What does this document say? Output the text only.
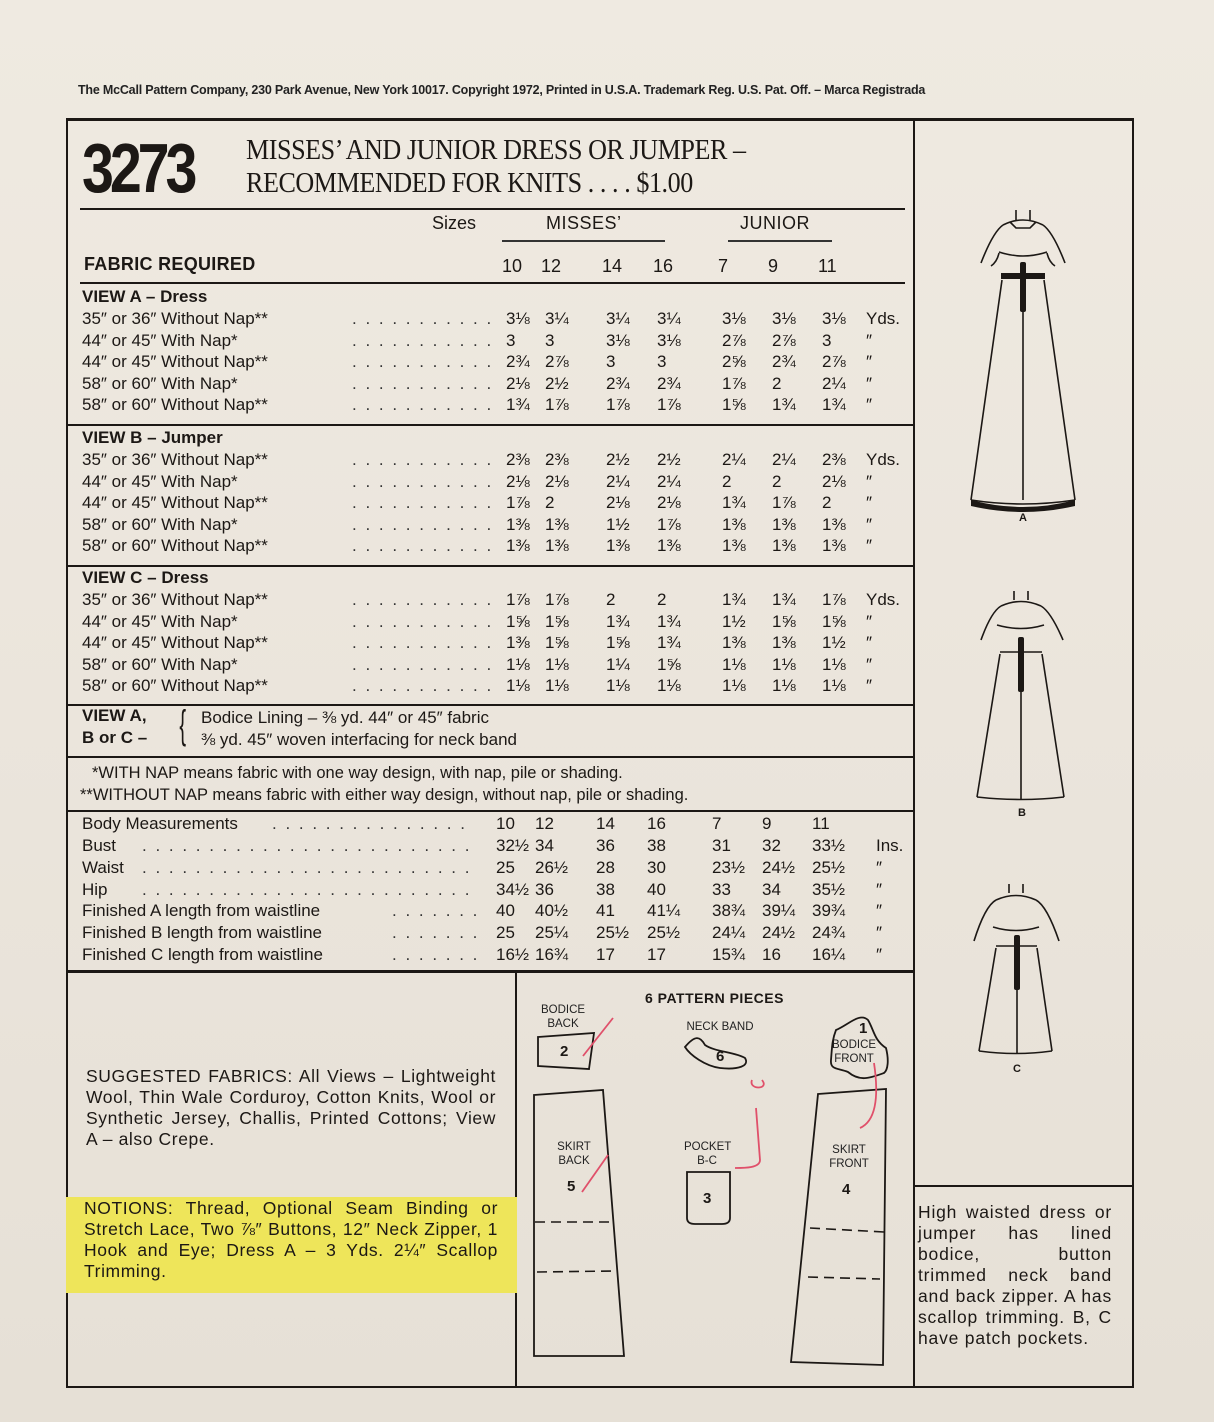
The McCall Pattern Company, 230 Park Avenue, New York 10017. Copyright 1972, Printed in U.S.A. Trademark Reg. U.S. Pat. Off. – Marca Registrada
3273 MISSES’ AND JUNIOR DRESS OR JUMPER –
RECOMMENDED FOR KNITS . . . . $1.00
Sizes	MISSES’	JUNIOR
FABRIC REQUIRED	10 12 14 16 7 9 11
VIEW A – Dress
35″ or 36″ Without Nap**	. . . . . . . . . . . 3⅛ 3¼ 3¼ 3¼ 3⅛ 3⅛ 3⅛ Yds.
44″ or 45″ With Nap*	. . . . . . . . . . . 3 3	3⅛ 3⅛ 2⅞ 2⅞ 3 ″
44″ or 45″ Without Nap**	. . . . . . . . . . . 2¾ 2⅞ 3 3	2⅝ 2¾ 2⅞ ″
58″ or 60″ With Nap*	. . . . . . . . . . . 2⅛ 2½ 2¾ 2¾ 1⅞ 2 2¼ ″
58″ or 60″ Without Nap**	. . . . . . . . . . . 1¾ 1⅞ 1⅞ 1⅞ 1⅝ 1¾ 1¾ ″
VIEW B – Jumper
35″ or 36″ Without Nap**	. . . . . . . . . . . 2⅜ 2⅜ 2½ 2½ 2¼ 2¼ 2⅜ Yds.
44″ or 45″ With Nap*	. . . . . . . . . . . 2⅛ 2⅛ 2¼ 2¼ 2 2 2⅛ ″
44″ or 45″ Without Nap**	. . . . . . . . . . . 1⅞ 2	2⅛ 2⅛ 1¾ 1⅞ 2 ″
58″ or 60″ With Nap*	. . . . . . . . . . . 1⅜ 1⅜ 1½ 1⅞ 1⅜ 1⅜ 1⅜ ″
58″ or 60″ Without Nap**	. . . . . . . . . . . 1⅜ 1⅜ 1⅜ 1⅜ 1⅜ 1⅜ 1⅜ ″
VIEW C – Dress
35″ or 36″ Without Nap**	. . . . . . . . . . . 1⅞ 1⅞ 2 2	1¾ 1¾ 1⅞ Yds.
44″ or 45″ With Nap*	. . . . . . . . . . . 1⅝ 1⅝ 1¾ 1¾ 1½ 1⅝ 1⅝ ″
44″ or 45″ Without Nap**	. . . . . . . . . . . 1⅜ 1⅝ 1⅝ 1¾ 1⅜ 1⅜ 1½ ″
58″ or 60″ With Nap*	. . . . . . . . . . . 1⅛ 1⅛ 1¼ 1⅝ 1⅛ 1⅛ 1⅛ ″
58″ or 60″ Without Nap**	. . . . . . . . . . . 1⅛ 1⅛ 1⅛ 1⅛ 1⅛ 1⅛ 1⅛ ″
VIEW A,
B or C – { Bodice Lining – ⅜ yd. 44″ or 45″ fabric
⅜ yd. 45″ woven interfacing for neck band
*WITH NAP means fabric with one way design, with nap, pile or shading.
**WITHOUT NAP means fabric with either way design, without nap, pile or shading.
Body Measurements . . . . . . . . . . . . . . . 10 12 14 16	7 9 11
Bust . . . . . . . . . . . . . . . . . . . . . . . . . 32½ 34 36 38	31 32 33½ Ins.
Waist . . . . . . . . . . . . . . . . . . . . . . . . . 25 26½ 28 30	23½ 24½ 25½ ″
Hip . . . . . . . . . . . . . . . . . . . . . . . . . 34½ 36 38 40	33 34 35½ ″
Finished A length from waistline	. . . . . . . 40 40½ 41 41¼ 38¾ 39¼ 39¾ ″
Finished B length from waistline	. . . . . . . 25 25¼ 25½ 25½ 24¼ 24½ 24¾ ″
Finished C length from waistline	. . . . . . . 16½ 16¾ 17 17	15¾ 16 16¼ ″
SUGGESTED FABRICS: All Views – Lightweight Wool, Thin Wale Corduroy, Cotton Knits, Wool or Synthetic Jersey, Challis, Printed Cottons; View A – also Crepe.
NOTIONS: Thread, Optional Seam Binding or Stretch Lace, Two ⅞″ Buttons, 12″ Neck Zipper, 1 Hook and Eye; Dress A – 3 Yds. 2¼″ Scallop Trimming.
6 PATTERN PIECES
BODICE BACK	NECK BAND
POCKET B-C
SKIRT BACK
SKIRT FRONT
BODICE FRONT
2	6
1
5
3
4
A
B
C
High waisted dress or jumper has lined bodice, button trimmed neck band and back zipper. A has scallop trimming. B, C have patch pockets.
